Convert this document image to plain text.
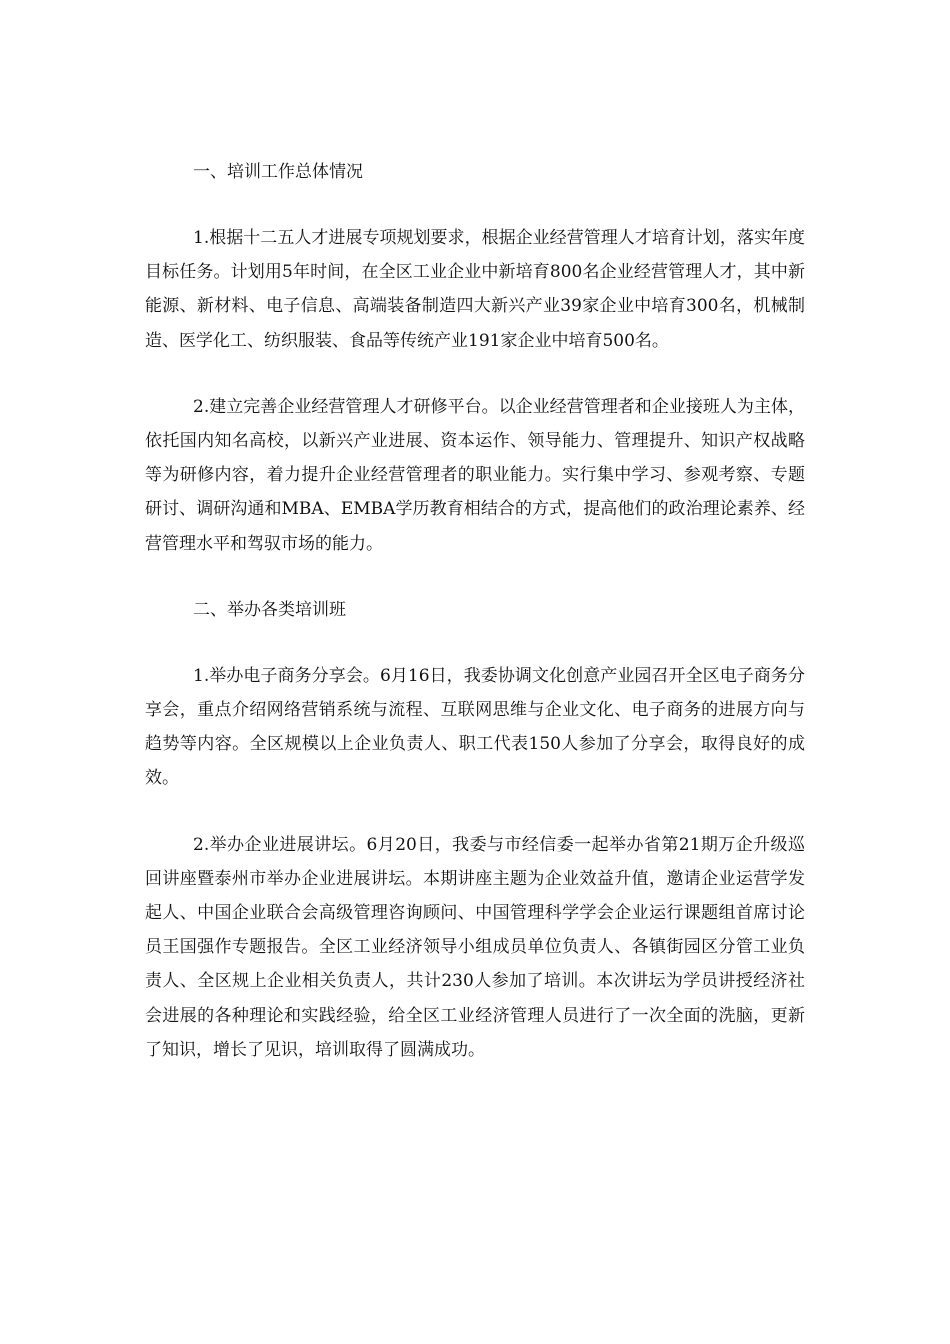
一、培训工作总体情况

1.根据十二五人才进展专项规划要求，根据企业经营管理人才培育计划，落实年度目标任务。计划用5年时间，在全区工业企业中新培育800名企业经营管理人才，其中新能源、新材料、电子信息、高端装备制造四大新兴产业39家企业中培育300名，机械制造、医学化工、纺织服装、食品等传统产业191家企业中培育500名。

2.建立完善企业经营管理人才研修平台。以企业经营管理者和企业接班人为主体，依托国内知名高校，以新兴产业进展、资本运作、领导能力、管理提升、知识产权战略等为研修内容，着力提升企业经营管理者的职业能力。实行集中学习、参观考察、专题研讨、调研沟通和MBA、EMBA学历教育相结合的方式，提高他们的政治理论素养、经营管理水平和驾驭市场的能力。

二、举办各类培训班

1.举办电子商务分享会。6月16日，我委协调文化创意产业园召开全区电子商务分享会，重点介绍网络营销系统与流程、互联网思维与企业文化、电子商务的进展方向与趋势等内容。全区规模以上企业负责人、职工代表150人参加了分享会，取得良好的成效。

2.举办企业进展讲坛。6月20日，我委与市经信委一起举办省第21期万企升级巡回讲座暨泰州市举办企业进展讲坛。本期讲座主题为企业效益升值，邀请企业运营学发起人、中国企业联合会高级管理咨询顾问、中国管理科学学会企业运行课题组首席讨论员王国强作专题报告。全区工业经济领导小组成员单位负责人、各镇街园区分管工业负责人、全区规上企业相关负责人，共计230人参加了培训。本次讲坛为学员讲授经济社会进展的各种理论和实践经验，给全区工业经济管理人员进行了一次全面的洗脑，更新了知识，增长了见识，培训取得了圆满成功。
